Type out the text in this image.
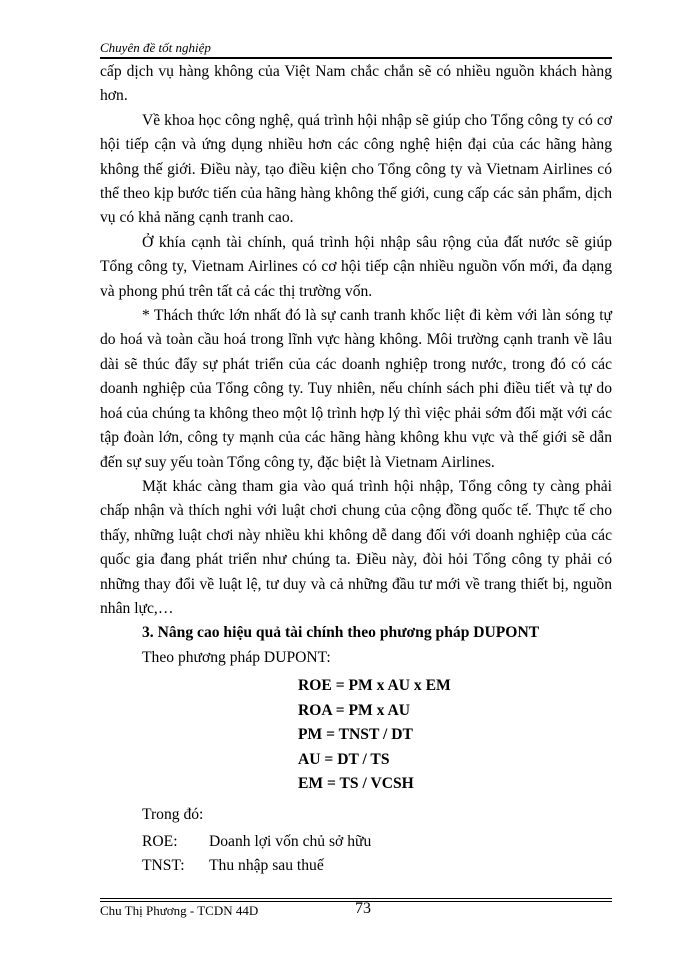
Chuyên đề tốt nghiệp

cấp dịch vụ hàng không của Việt Nam chắc chắn sẽ có nhiều nguồn khách hàng hơn.

Về khoa học công nghệ, quá trình hội nhập sẽ giúp cho Tổng công ty có cơ hội tiếp cận và ứng dụng nhiều hơn các công nghệ hiện đại của các hãng hàng không thế giới. Điều này, tạo điều kiện cho Tổng công ty và Vietnam Airlines có thể theo kịp bước tiến của hãng hàng không thế giới, cung cấp các sản phẩm, dịch vụ có khả năng cạnh tranh cao.

Ở khía cạnh tài chính, quá trình hội nhập sâu rộng của đất nước sẽ giúp Tổng công ty, Vietnam Airlines có cơ hội tiếp cận nhiều nguồn vốn mới, đa dạng và phong phú trên tất cả các thị trường vốn.

* Thách thức lớn nhất đó là sự canh tranh khốc liệt đi kèm với làn sóng tự do hoá và toàn cầu hoá trong lĩnh vực hàng không. Môi trường cạnh tranh về lâu dài sẽ thúc đẩy sự phát triển của các doanh nghiệp trong nước, trong đó có các doanh nghiệp của Tổng công ty. Tuy nhiên, nếu chính sách phi điều tiết và tự do hoá của chúng ta không theo một lộ trình hợp lý thì việc phải sớm đối mặt với các tập đoàn lớn, công ty mạnh của các hãng hàng không khu vực và thế giới sẽ dẫn đến sự suy yếu toàn Tổng công ty, đặc biệt là Vietnam Airlines.

Mặt khác càng tham gia vào quá trình hội nhập, Tổng công ty càng phải chấp nhận và thích nghi với luật chơi chung của cộng đồng quốc tế. Thực tế cho thấy, những luật chơi này nhiều khi không dễ dang đối với doanh nghiệp của các quốc gia đang phát triển như chúng ta. Điều này, đòi hỏi Tổng công ty phải có những thay đổi về luật lệ, tư duy và cả những đầu tư mới về trang thiết bị, nguồn nhân lực,…

3. Nâng cao hiệu quả tài chính theo phương pháp DUPONT

Theo phương pháp DUPONT:

ROE = PM x AU x EM

ROA = PM x AU

PM = TNST / DT

AU = DT / TS

EM = TS / VCSH

Trong đó:

ROE:	Doanh lợi vốn chủ sở hữu
TNST:	Thu nhập sau thuế
Chu Thị Phương - TCDN 44D	73
